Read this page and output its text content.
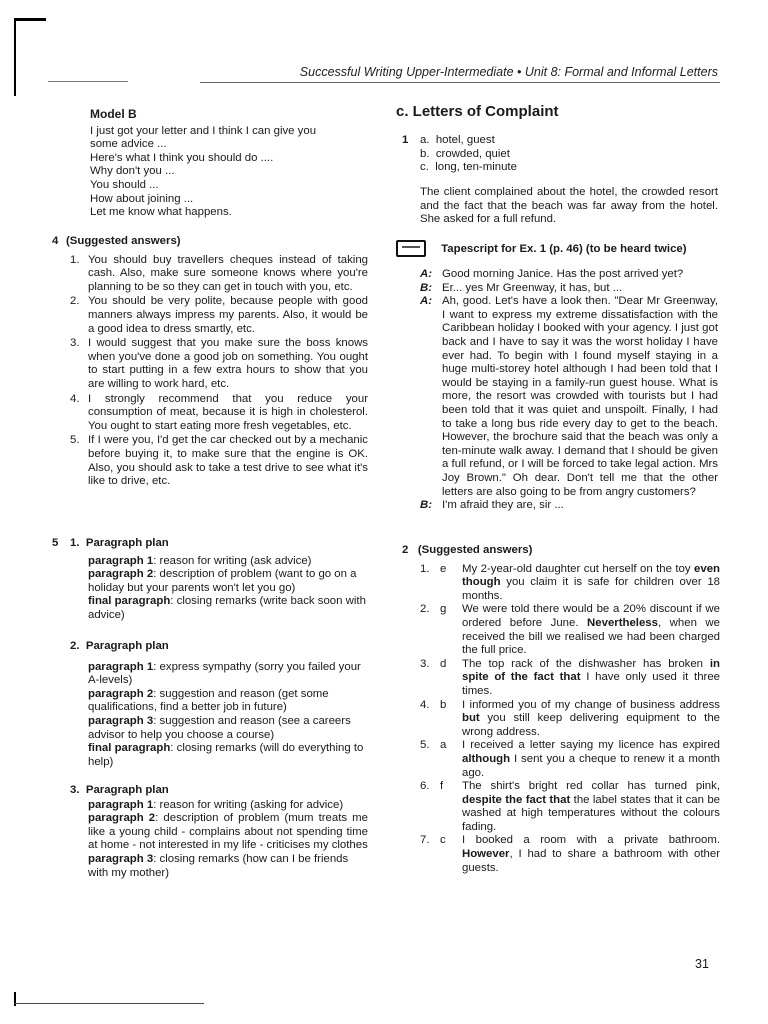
Successful Writing Upper-Intermediate • Unit 8: Formal and Informal Letters

Model B

I just got your letter and I think I can give you

some advice ...

Here's what I think you should do ....

Why don't you ...

You should ...

How about joining ...

Let me know what happens.

4 (Suggested answers)

1. You should buy travellers cheques instead of taking cash. Also, make sure someone knows where you're planning to be so they can get in touch with you, etc.

2. You should be very polite, because people with good manners always impress my parents. Also, it would be a good idea to dress smartly, etc.

3. I would suggest that you make sure the boss knows when you've done a good job on something. You ought to start putting in a few extra hours to show that you are willing to work hard, etc.

4. I strongly recommend that you reduce your consumption of meat, because it is high in cholesterol. You ought to start eating more fresh vegetables, etc.

5. If I were you, I'd get the car checked out by a mechanic before buying it, to make sure that the engine is OK. Also, you should ask to take a test drive to see what it's like to drive, etc.

5 1. Paragraph plan

paragraph 1: reason for writing (ask advice)

paragraph 2: description of problem (want to go on a holiday but your parents won't let you go)

final paragraph: closing remarks (write back soon with advice)

2. Paragraph plan

paragraph 1: express sympathy (sorry you failed your A-levels)

paragraph 2: suggestion and reason (get some qualifications, find a better job in future)

paragraph 3: suggestion and reason (see a careers advisor to help you choose a course)

final paragraph: closing remarks (will do everything to help)

3. Paragraph plan

paragraph 1: reason for writing (asking for advice)

paragraph 2: description of problem (mum treats me like a young child - complains about not spending time at home - not interested in my life - criticises my clothes

paragraph 3: closing remarks (how can I be friends with my mother)

c. Letters of Complaint

1 a. hotel, guest

b. crowded, quiet

c. long, ten-minute

The client complained about the hotel, the crowded resort and the fact that the beach was far away from the hotel. She asked for a full refund.

Tapescript for Ex. 1 (p. 46) (to be heard twice)
A: Good morning Janice. Has the post arrived yet?

B: Er... yes Mr Greenway, it has, but ...

A: Ah, good. Let's have a look then. "Dear Mr Greenway, I want to express my extreme dissatisfaction with the Caribbean holiday I booked with your agency. I just got back and I have to say it was the worst holiday I have ever had. To begin with I found myself staying in a huge multi-storey hotel although I had been told that I would be staying in a family-run guest house. What is more, the resort was crowded with tourists but I had been told that it was quiet and unspoilt. Finally, I had to take a long bus ride every day to get to the beach. However, the brochure said that the beach was only a ten-minute walk away. I demand that I should be given a full refund, or I will be forced to take legal action. Mrs Joy Brown." Oh dear. Don't tell me that the other letters are also going to be from angry customers?

B: I'm afraid they are, sir ...

2 (Suggested answers)

1. e My 2-year-old daughter cut herself on the toy even though you claim it is safe for children over 18 months.

2. g We were told there would be a 20% discount if we ordered before June. Nevertheless, when we received the bill we realised we had been charged the full price.

3. d The top rack of the dishwasher has broken in spite of the fact that I have only used it three times.

4. b I informed you of my change of business address but you still keep delivering equipment to the wrong address.

5. a I received a letter saying my licence has expired although I sent you a cheque to renew it a month ago.

6. f The shirt's bright red collar has turned pink, despite the fact that the label states that it can be washed at high temperatures without the colours fading.

7. c I booked a room with a private bathroom. However, I had to share a bathroom with other guests.

31
